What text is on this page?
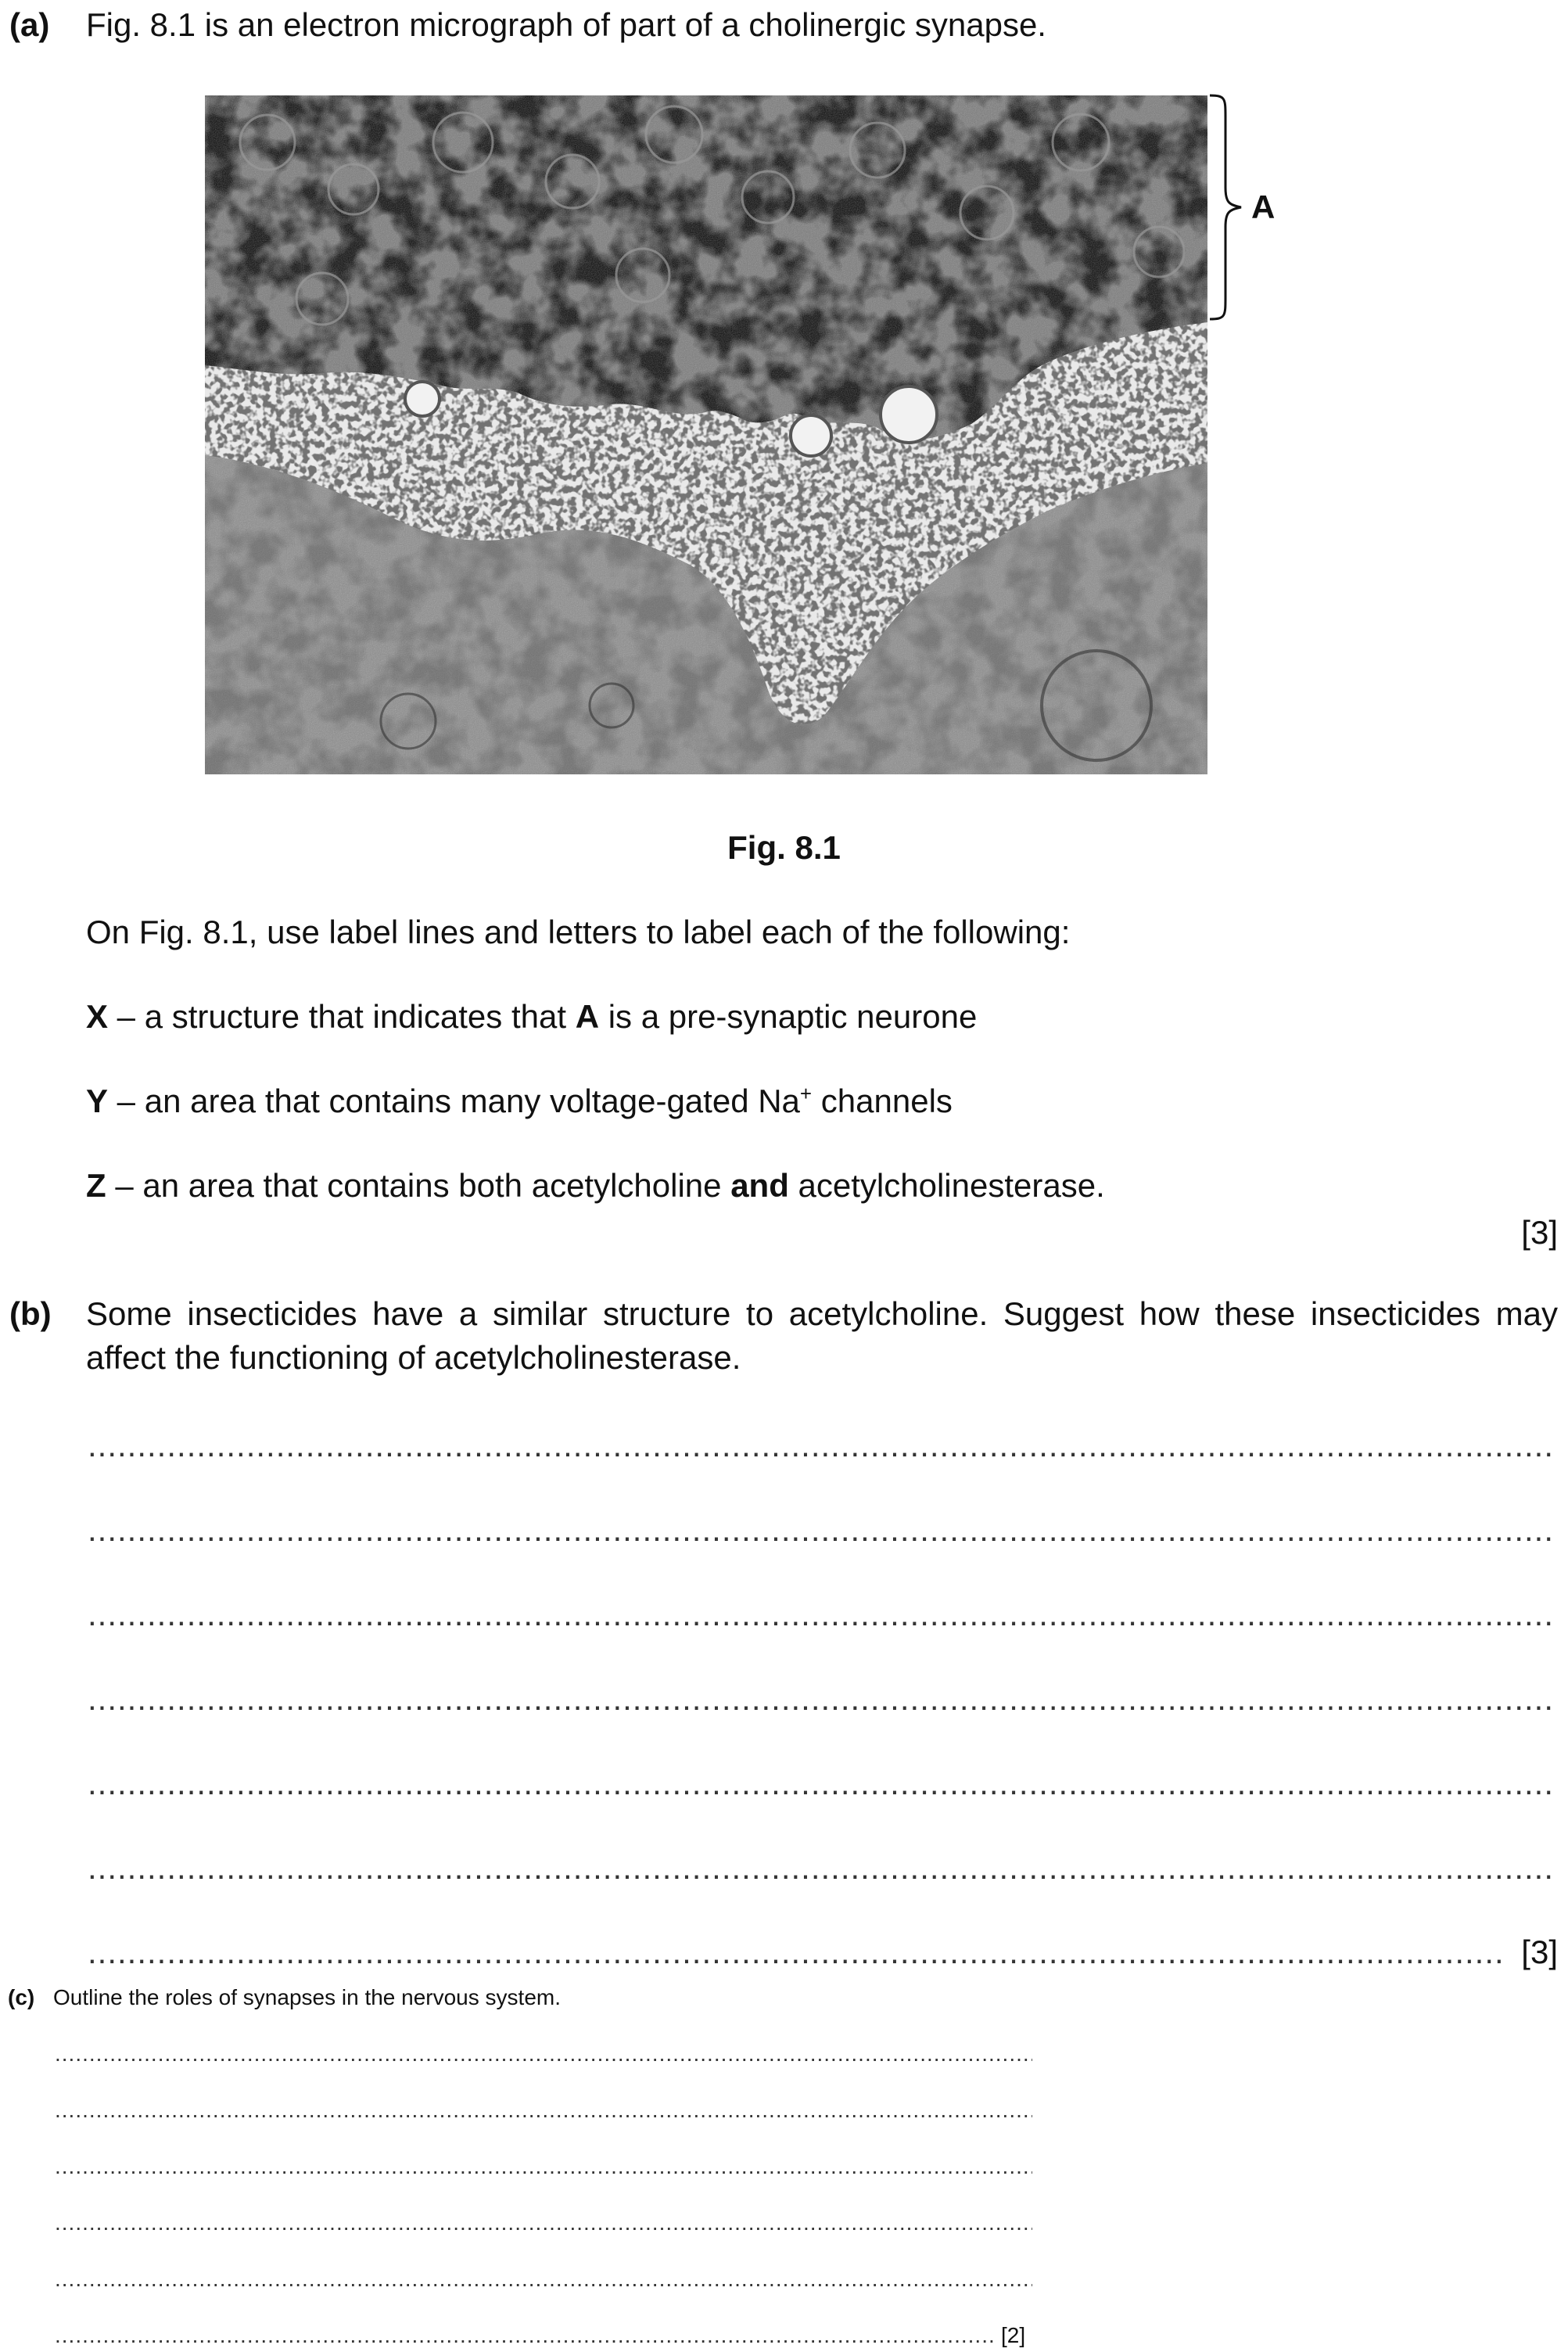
(a) Fig. 8.1 is an electron micrograph of part of a cholinergic synapse.
A
Fig. 8.1
On Fig. 8.1, use label lines and letters to label each of the following:
X – a structure that indicates that A is a pre-synaptic neurone
Y – an area that contains many voltage-gated Na+ channels
Z – an area that contains both acetylcholine and acetylcholinesterase.
[3]
(b) Some insecticides have a similar structure to acetylcholine. Suggest how these insecticides may affect the functioning of acetylcholinesterase.
.....
.....
.....
.....
.....
.....
.....
[3]
(c) Outline the roles of synapses in the nervous system.
.....
.....
.....
.....
.....
.....
[2]
